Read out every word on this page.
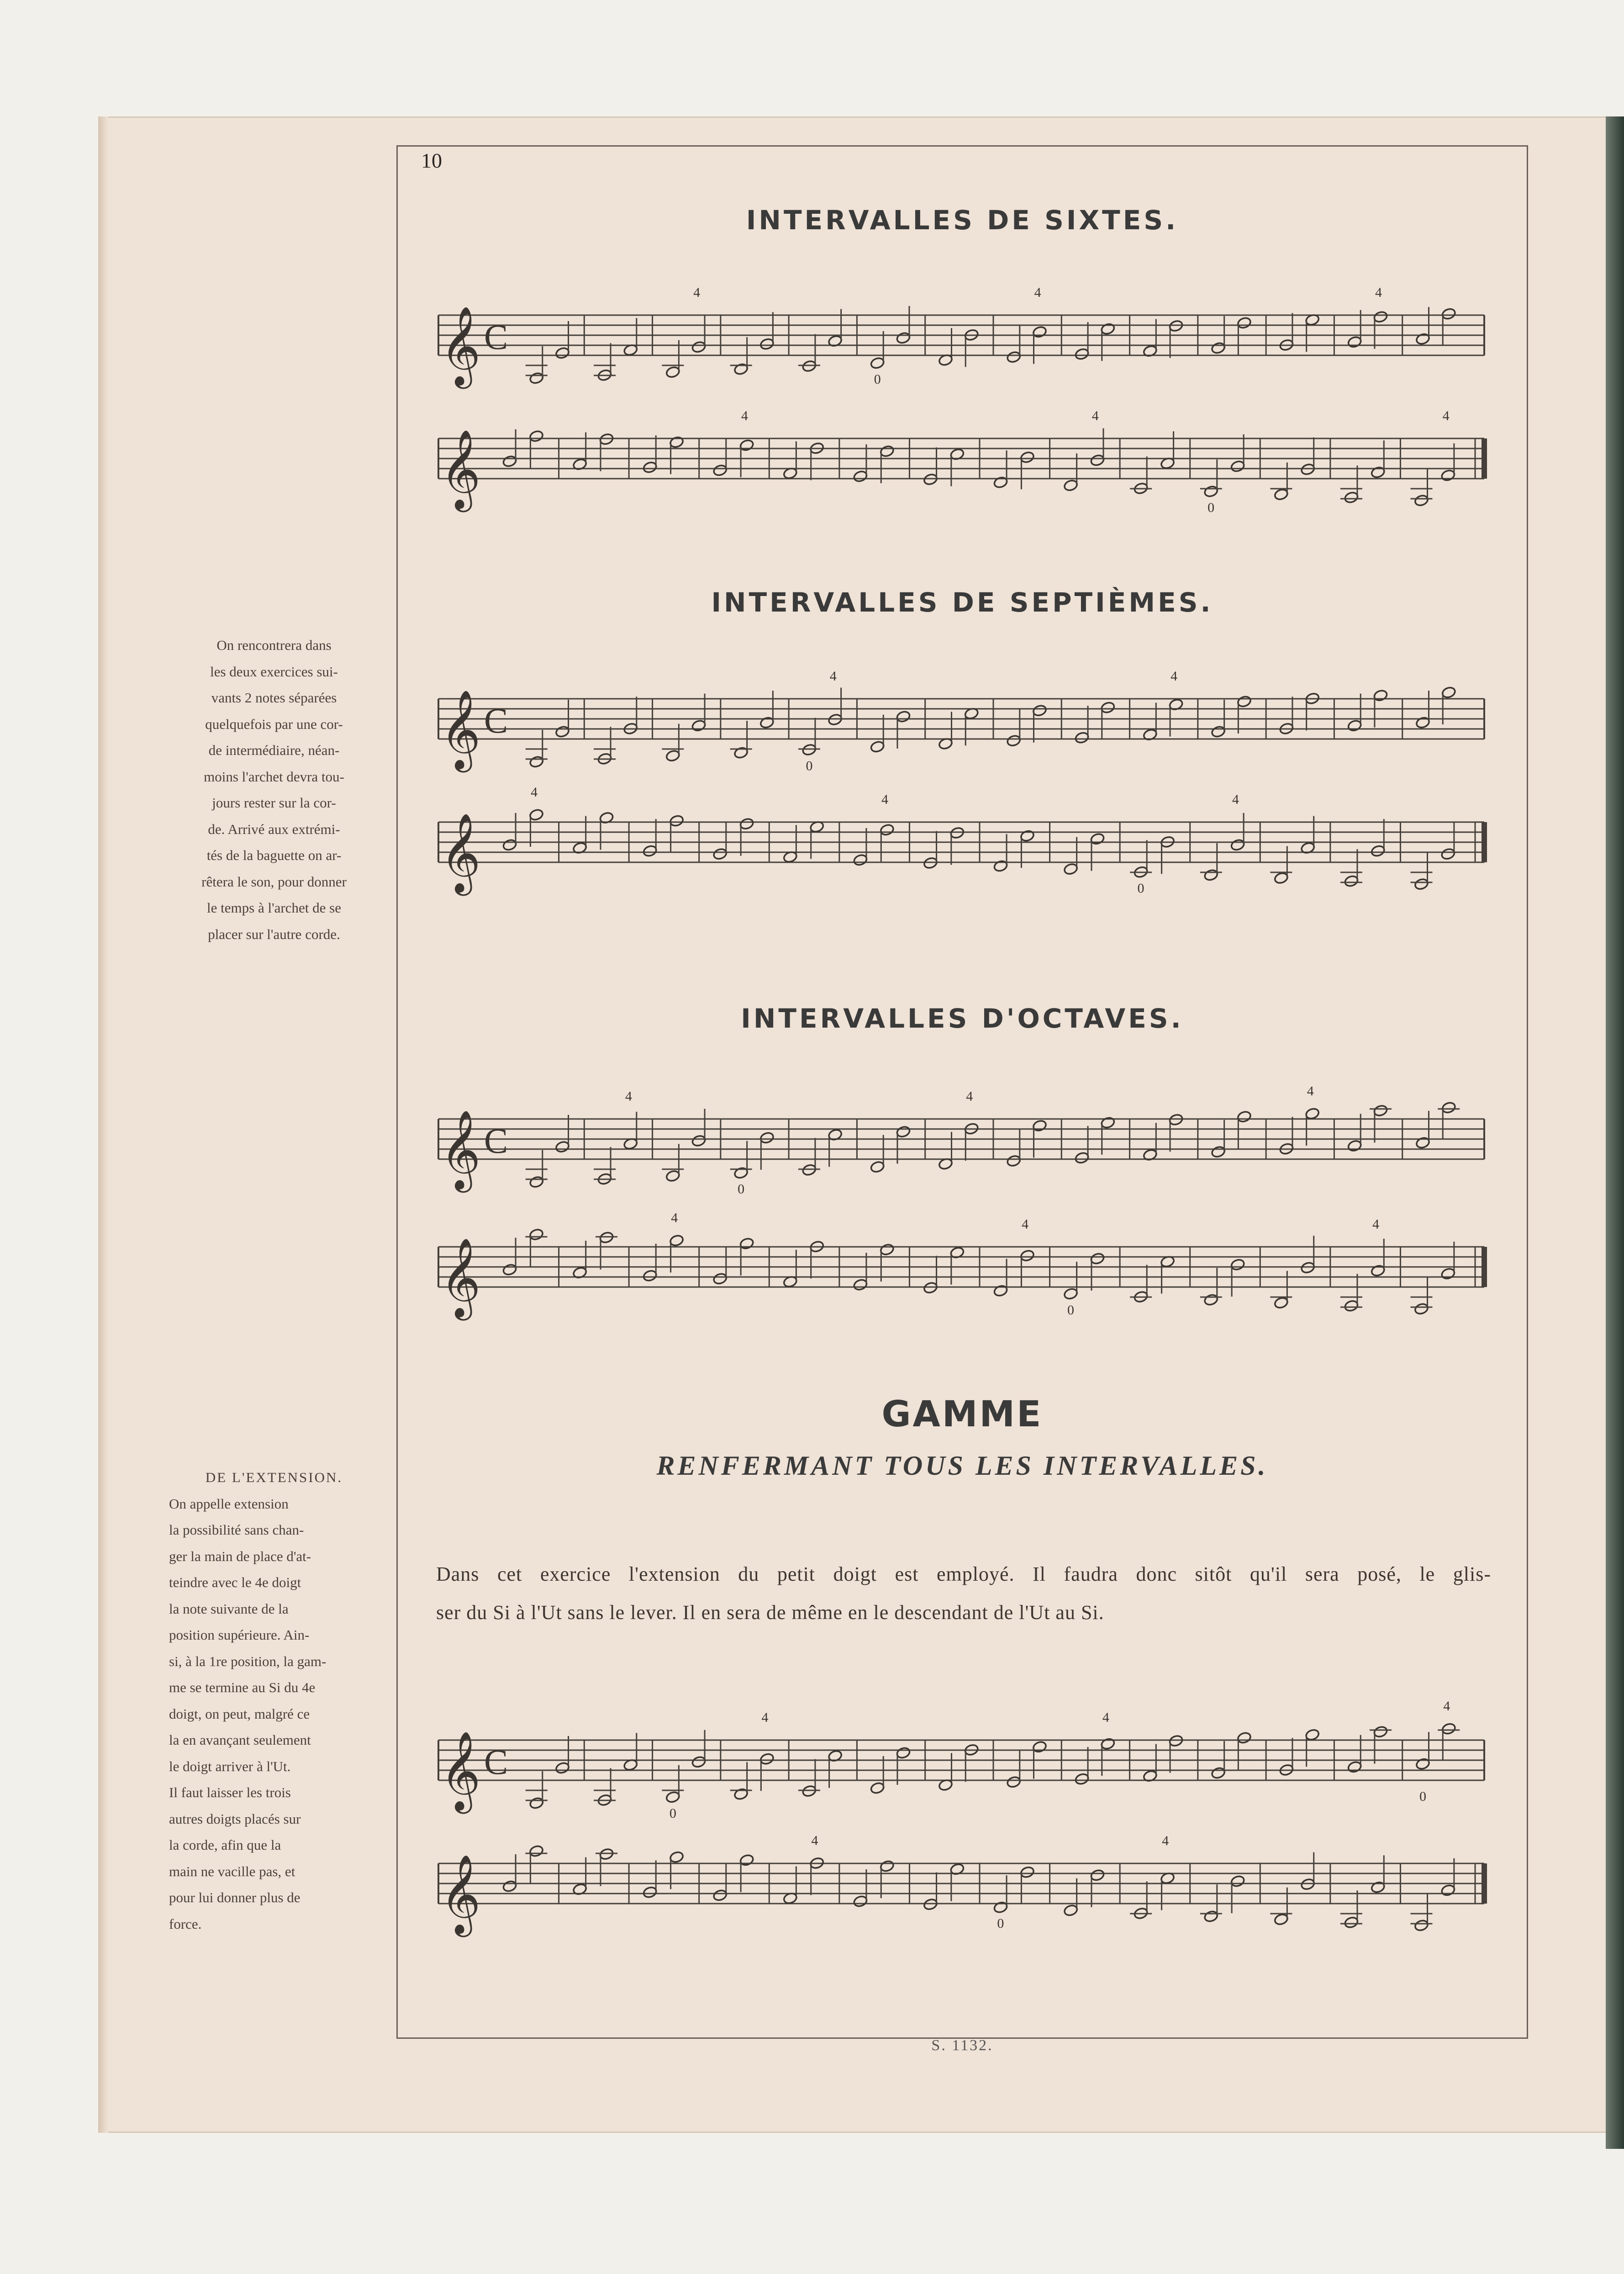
10
INTERVALLES DE SIXTES.
INTERVALLES DE SEPTIÈMES.
INTERVALLES D'OCTAVES.
GAMME
RENFERMANT TOUS LES INTERVALLES.
Dans cet exercice l'extension du petit doigt est employé. Il faudra donc sitôt qu'il sera posé, le glis-
ser du Si à l'Ut sans le lever. Il en sera de même en le descendant de l'Ut au Si.
On rencontrera dans
les deux exercices sui-
vants 2 notes séparées
quelquefois par une cor-
de intermédiaire, néan-
moins l'archet devra tou-
jours rester sur la cor-
de. Arrivé aux extrémi-
tés de la baguette on ar-
rêtera le son, pour donner
le temps à l'archet de se
placer sur l'autre corde.
DE L'EXTENSION.
On appelle extension
la possibilité sans chan-
ger la main de place d'at-
teindre avec le 4e doigt
la note suivante de la
position supérieure. Ain-
si, à la 1re position, la gam-
me se termine au Si du 4e
doigt, on peut, malgré ce
la en avançant seulement
le doigt arriver à l'Ut.
Il faut laisser les trois
autres doigts placés sur
la corde, afin que la
main ne vacille pas, et
pour lui donner plus de
force.
𝄞 C
4
0
4	4
𝄞
4	4
0
4
𝄞 C
4
0
4
𝄞
4	4
0
4
𝄞 C
4
0
4	4
𝄞
4	4
0
4
𝄞 C
0
4	4
4
0
𝄞
4
0
4
S. 1132.
